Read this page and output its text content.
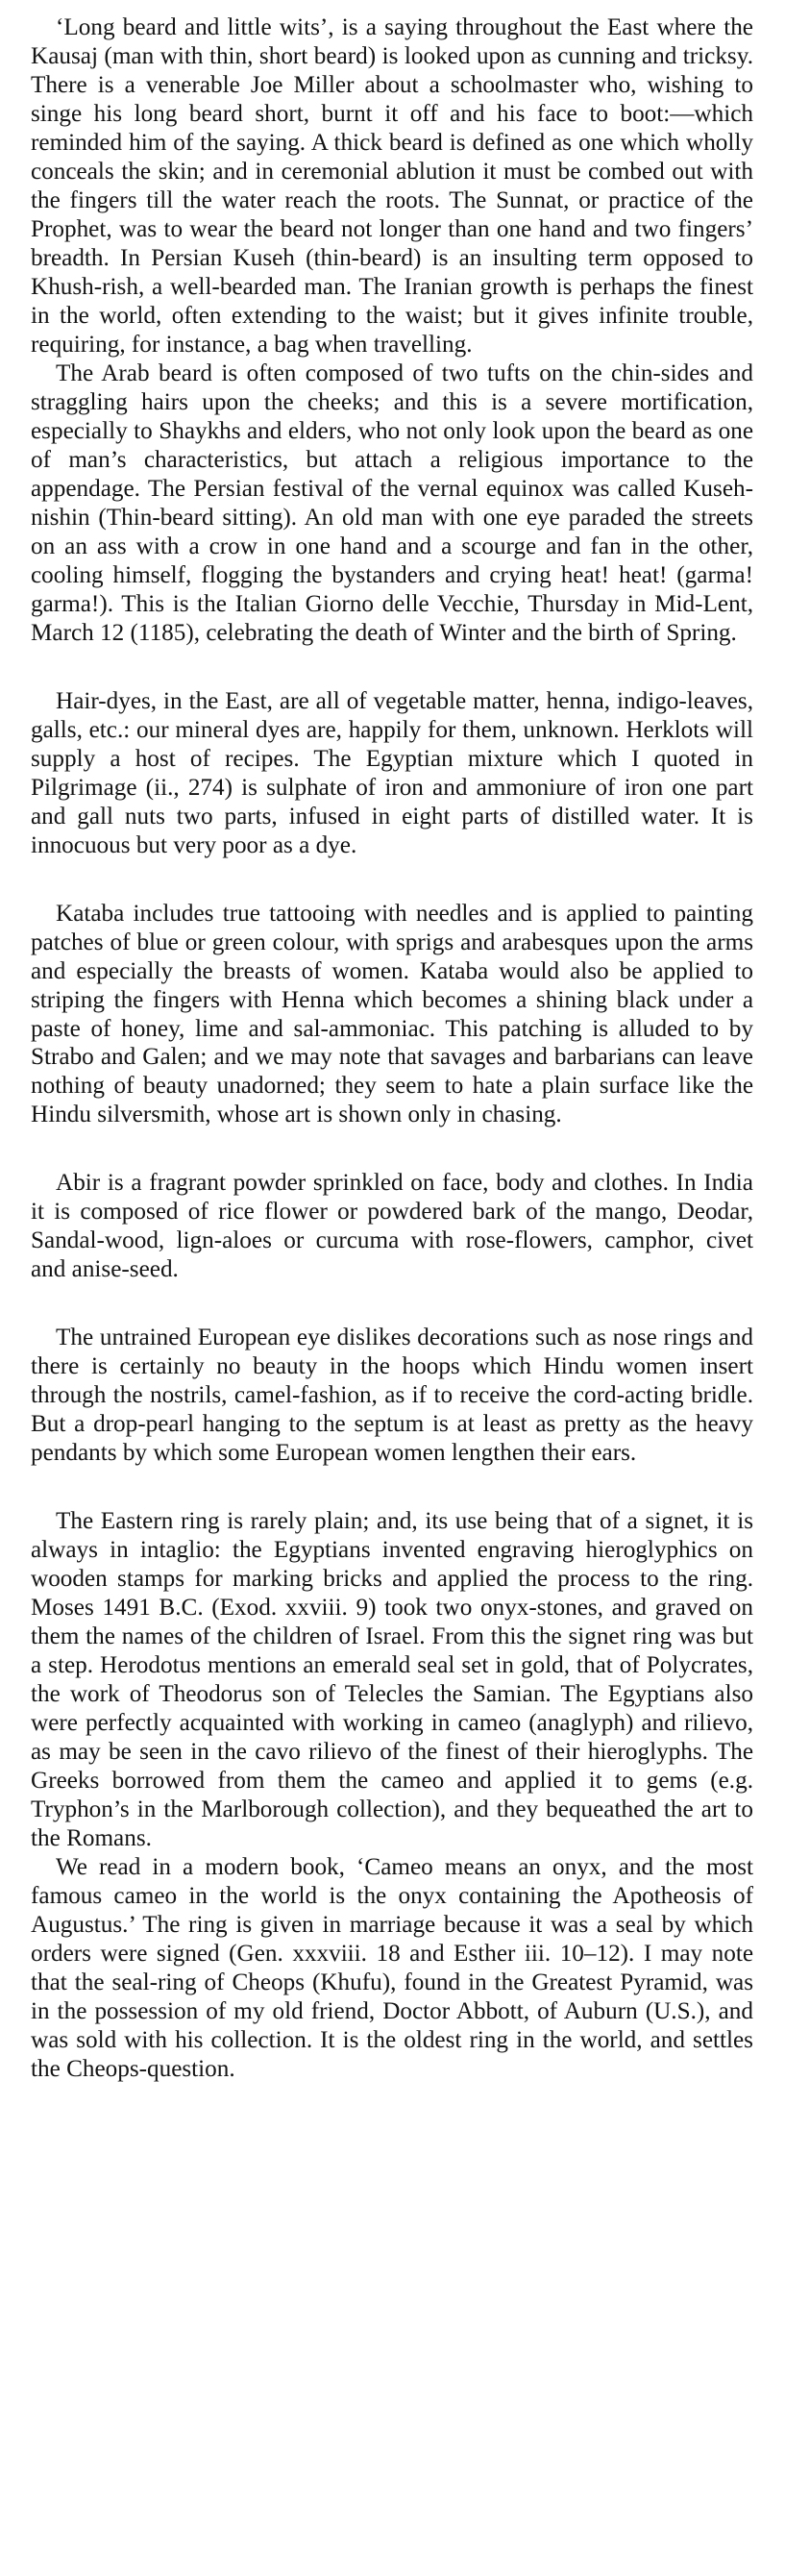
‘Long beard and little wits’, is a saying throughout the East where the Kausaj (man with thin, short beard) is looked upon as cunning and tricksy. There is a venerable Joe Miller about a schoolmaster who, wishing to singe his long beard short, burnt it off and his face to boot:—which reminded him of the saying. A thick beard is defined as one which wholly conceals the skin; and in ceremonial ablution it must be combed out with the fingers till the water reach the roots. The Sunnat, or practice of the Prophet, was to wear the beard not longer than one hand and two fingers’ breadth. In Persian Kuseh (thin-beard) is an insulting term opposed to Khush-rish, a well-bearded man. The Iranian growth is perhaps the finest in the world, often extending to the waist; but it gives infinite trouble, requiring, for instance, a bag when travelling.

The Arab beard is often composed of two tufts on the chin-sides and straggling hairs upon the cheeks; and this is a severe mortification, especially to Shaykhs and elders, who not only look upon the beard as one of man’s characteristics, but attach a religious importance to the appendage. The Persian festival of the vernal equinox was called Kuseh-nishin (Thin-beard sitting). An old man with one eye paraded the streets on an ass with a crow in one hand and a scourge and fan in the other, cooling himself, flogging the bystanders and crying heat! heat! (garma! garma!). This is the Italian Giorno delle Vecchie, Thursday in Mid-Lent, March 12 (1185), celebrating the death of Winter and the birth of Spring.

Hair-dyes, in the East, are all of vegetable matter, henna, indigo-leaves, galls, etc.: our mineral dyes are, happily for them, unknown. Herklots will supply a host of recipes. The Egyptian mixture which I quoted in Pilgrimage (ii., 274) is sulphate of iron and ammoniure of iron one part and gall nuts two parts, infused in eight parts of distilled water. It is innocuous but very poor as a dye.

Kataba includes true tattooing with needles and is applied to painting patches of blue or green colour, with sprigs and arabesques upon the arms and especially the breasts of women. Kataba would also be applied to striping the fingers with Henna which becomes a shining black under a paste of honey, lime and sal-ammoniac. This patching is alluded to by Strabo and Galen; and we may note that savages and barbarians can leave nothing of beauty unadorned; they seem to hate a plain surface like the Hindu silversmith, whose art is shown only in chasing.

Abir is a fragrant powder sprinkled on face, body and clothes. In India it is composed of rice flower or powdered bark of the mango, Deodar, Sandal-wood, lign-aloes or curcuma with rose-flowers, camphor, civet and anise-seed.

The untrained European eye dislikes decorations such as nose rings and there is certainly no beauty in the hoops which Hindu women insert through the nostrils, camel-fashion, as if to receive the cord-acting bridle. But a drop-pearl hanging to the septum is at least as pretty as the heavy pendants by which some European women lengthen their ears.

The Eastern ring is rarely plain; and, its use being that of a signet, it is always in intaglio: the Egyptians invented engraving hieroglyphics on wooden stamps for marking bricks and applied the process to the ring. Moses 1491 B.C. (Exod. xxviii. 9) took two onyx-stones, and graved on them the names of the children of Israel. From this the signet ring was but a step. Herodotus mentions an emerald seal set in gold, that of Polycrates, the work of Theodorus son of Telecles the Samian. The Egyptians also were perfectly acquainted with working in cameo (anaglyph) and rilievo, as may be seen in the cavo rilievo of the finest of their hieroglyphs. The Greeks borrowed from them the cameo and applied it to gems (e.g. Tryphon’s in the Marlborough collection), and they bequeathed the art to the Romans.

We read in a modern book, ‘Cameo means an onyx, and the most famous cameo in the world is the onyx containing the Apotheosis of Augustus.’ The ring is given in marriage because it was a seal by which orders were signed (Gen. xxxviii. 18 and Esther iii. 10–12). I may note that the seal-ring of Cheops (Khufu), found in the Greatest Pyramid, was in the possession of my old friend, Doctor Abbott, of Auburn (U.S.), and was sold with his collection. It is the oldest ring in the world, and settles the Cheops-question.
